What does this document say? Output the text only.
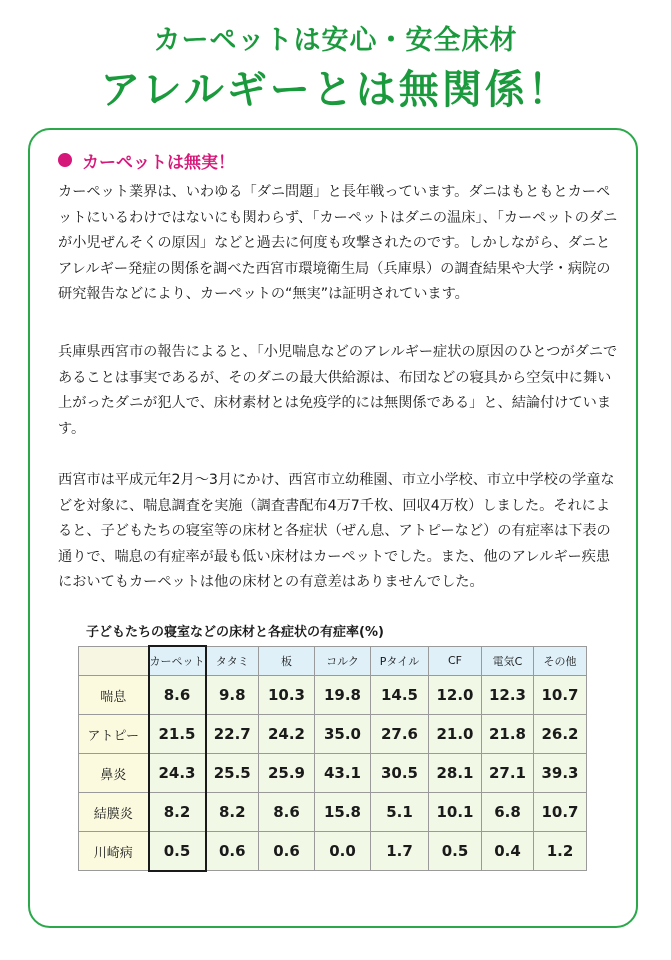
カーペットは安心・安全床材
アレルギーとは無関係！
カーペットは無実！

カーペット業界は、いわゆる「ダニ問題」と長年戦っています。ダニはもともとカーペットにいるわけではないにも関わらず、「カーペットはダニの温床」、「カーペットのダニが小児ぜんそくの原因」などと過去に何度も攻撃されたのです。しかしながら、ダニとアレルギー発症の関係を調べた西宮市環境衛生局（兵庫県）の調査結果や大学・病院の研究報告などにより、カーペットの“無実”は証明されています。

兵庫県西宮市の報告によると、「小児喘息などのアレルギー症状の原因のひとつがダニであることは事実であるが、そのダニの最大供給源は、布団などの寝具から空気中に舞い上がったダニが犯人で、床材素材とは免疫学的には無関係である」と、結論付けています。

西宮市は平成元年2月～3月にかけ、西宮市立幼稚園、市立小学校、市立中学校の学童などを対象に、喘息調査を実施（調査書配布4万7千枚、回収4万枚）しました。それによると、子どもたちの寝室等の床材と各症状（ぜん息、アトピーなど）の有症率は下表の通りで、喘息の有症率が最も低い床材はカーペットでした。また、他のアレルギー疾患においてもカーペットは他の床材との有意差はありませんでした。

子どもたちの寝室などの床材と各症状の有症率(%)
	カーペット	タタミ	板	コルク	Pタイル	CF	電気C	その他
喘息	8.6	9.8	10.3	19.8	14.5	12.0	12.3	10.7
アトピー	21.5	22.7	24.2	35.0	27.6	21.0	21.8	26.2
鼻炎	24.3	25.5	25.9	43.1	30.5	28.1	27.1	39.3
結膜炎	8.2	8.2	8.6	15.8	5.1	10.1	6.8	10.7
川崎病	0.5	0.6	0.6	0.0	1.7	0.5	0.4	1.2
